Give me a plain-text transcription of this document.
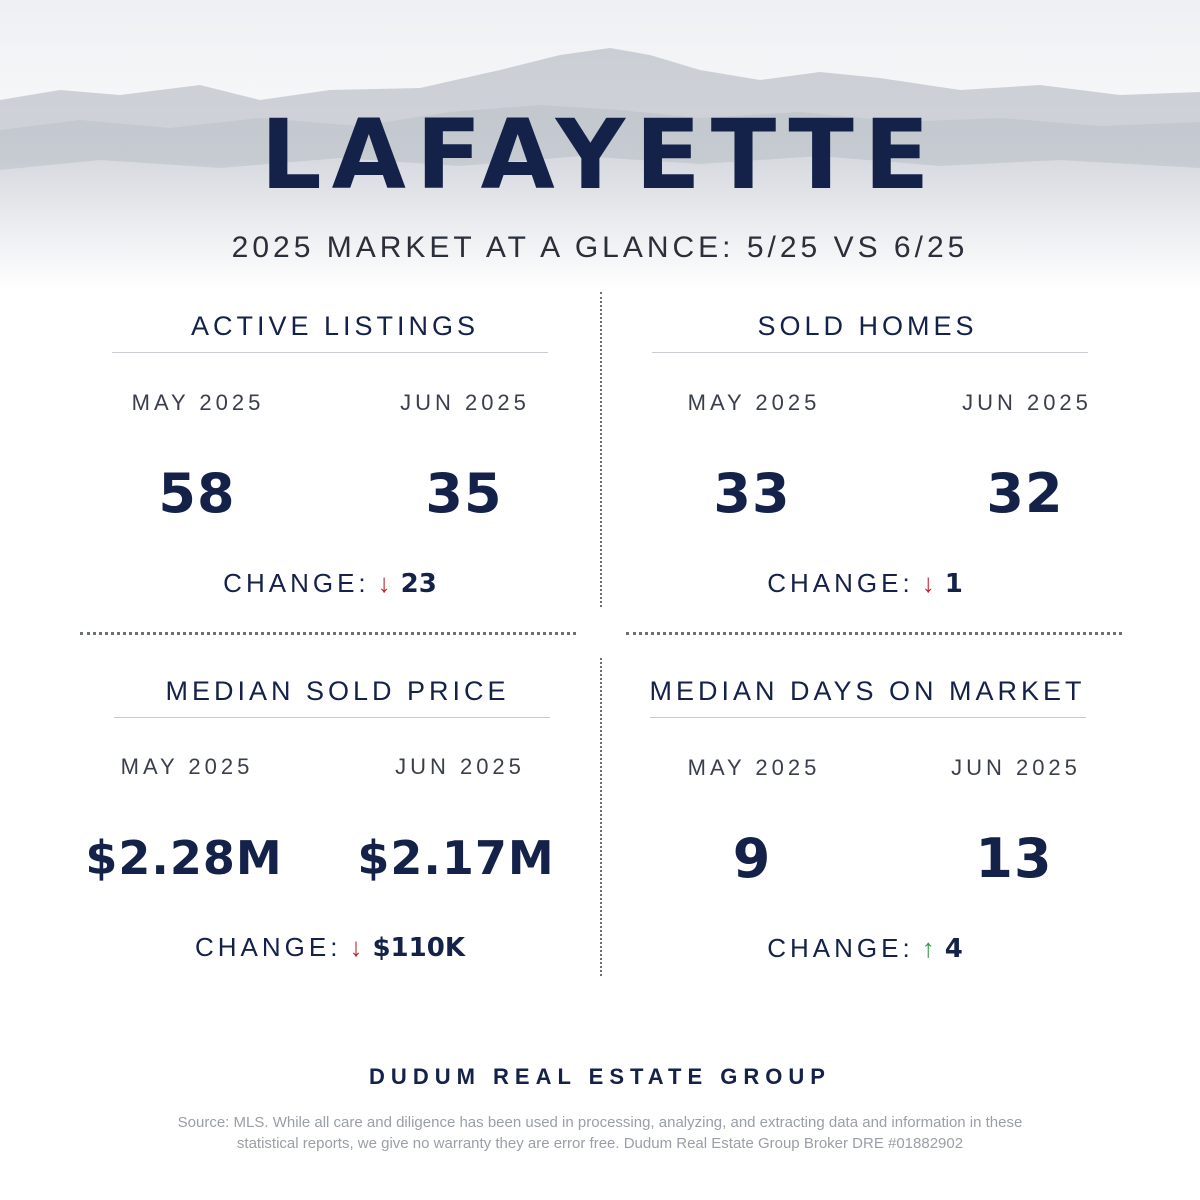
LAFAYETTE
2025 MARKET AT A GLANCE: 5/25 VS 6/25
ACTIVE LISTINGS
MAY 2025	JUN 2025
58	35
CHANGE: ↓ 23
SOLD HOMES
MAY 2025	JUN 2025
33	32
CHANGE: ↓ 1
MEDIAN SOLD PRICE
MAY 2025	JUN 2025
$2.28M	$2.17M
CHANGE: ↓ $110K
MEDIAN DAYS ON MARKET
MAY 2025	JUN 2025
9	13
CHANGE: ↑ 4
DUDUM REAL ESTATE GROUP
Source: MLS. While all care and diligence has been used in processing, analyzing, and extracting data and information in these statistical reports, we give no warranty they are error free. Dudum Real Estate Group Broker DRE #01882902
